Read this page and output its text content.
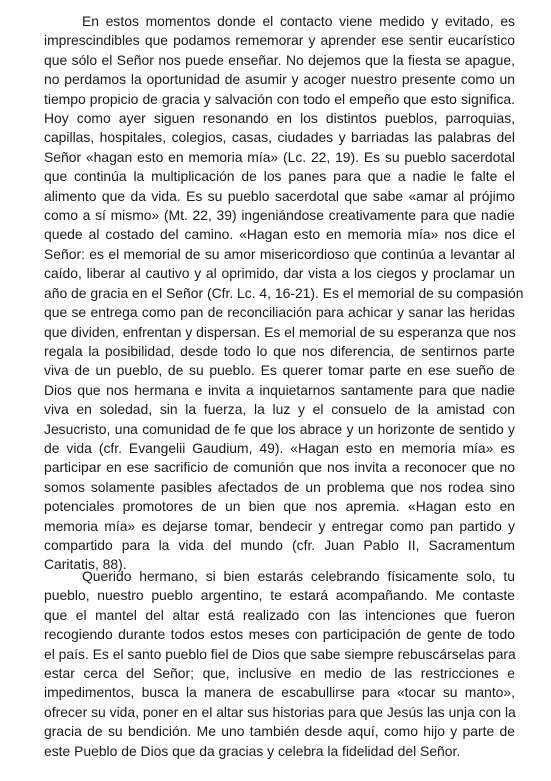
En estos momentos donde el contacto viene medido y evitado, es
imprescindibles que podamos rememorar y aprender ese sentir eucarístico
que sólo el Señor nos puede enseñar. No dejemos que la fiesta se apague,
no perdamos la oportunidad de asumir y acoger nuestro presente como un
tiempo propicio de gracia y salvación con todo el empeño que esto significa.
Hoy como ayer siguen resonando en los distintos pueblos, parroquias,
capillas, hospitales, colegios, casas, ciudades y barriadas las palabras del
Señor «hagan esto en memoria mía» (Lc. 22, 19). Es su pueblo sacerdotal
que continúa la multiplicación de los panes para que a nadie le falte el
alimento que da vida. Es su pueblo sacerdotal que sabe «amar al prójimo
como a sí mismo» (Mt. 22, 39) ingeniándose creativamente para que nadie
quede al costado del camino. «Hagan esto en memoria mía» nos dice el
Señor: es el memorial de su amor misericordioso que continúa a levantar al
caído, liberar al cautivo y al oprimido, dar vista a los ciegos y proclamar un
año de gracia en el Señor (Cfr. Lc. 4, 16-21). Es el memorial de su compasión
que se entrega como pan de reconciliación para achicar y sanar las heridas
que dividen, enfrentan y dispersan. Es el memorial de su esperanza que nos
regala la posibilidad, desde todo lo que nos diferencia, de sentirnos parte
viva de un pueblo, de su pueblo. Es querer tomar parte en ese sueño de
Dios que nos hermana e invita a inquietarnos santamente para que nadie
viva en soledad, sin la fuerza, la luz y el consuelo de la amistad con
Jesucristo, una comunidad de fe que los abrace y un horizonte de sentido y
de vida (cfr. Evangelii Gaudium, 49). «Hagan esto en memoria mía» es
participar en ese sacrificio de comunión que nos invita a reconocer que no
somos solamente pasibles afectados de un problema que nos rodea sino
potenciales promotores de un bien que nos apremia. «Hagan esto en
memoria mía» es dejarse tomar, bendecir y entregar como pan partido y
compartido para la vida del mundo (cfr. Juan Pablo II, Sacramentum
Caritatis, 88).
Querido hermano, si bien estarás celebrando físicamente solo, tu
pueblo, nuestro pueblo argentino, te estará acompañando. Me contaste
que el mantel del altar está realizado con las intenciones que fueron
recogiendo durante todos estos meses con participación de gente de todo
el país. Es el santo pueblo fiel de Dios que sabe siempre rebuscárselas para
estar cerca del Señor; que, inclusive en medio de las restricciones e
impedimentos, busca la manera de escabullirse para «tocar su manto»,
ofrecer su vida, poner en el altar sus historias para que Jesús las unja con la
gracia de su bendición. Me uno también desde aquí, como hijo y parte de
este Pueblo de Dios que da gracias y celebra la fidelidad del Señor.
